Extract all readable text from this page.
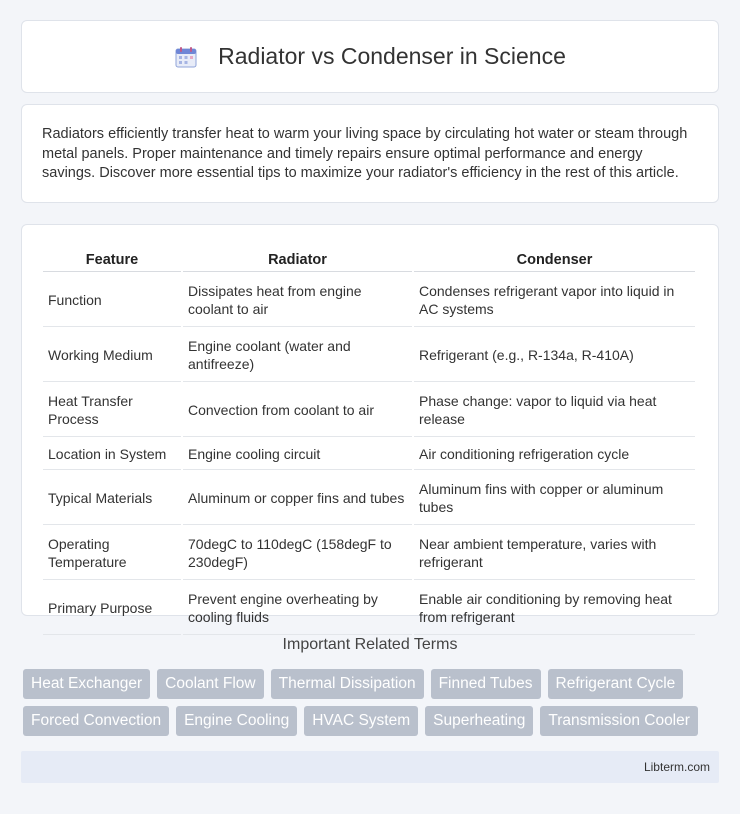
Radiator vs Condenser in Science

Radiators efficiently transfer heat to warm your living space by circulating hot water or steam through metal panels. Proper maintenance and timely repairs ensure optimal performance and energy savings. Discover more essential tips to maximize your radiator's efficiency in the rest of this article.

Feature	Radiator	Condenser
Function	Dissipates heat from engine coolant to air	Condenses refrigerant vapor into liquid in AC systems
Working Medium	Engine coolant (water and antifreeze)	Refrigerant (e.g., R-134a, R-410A)
Heat Transfer Process	Convection from coolant to air	Phase change: vapor to liquid via heat release
Location in System	Engine cooling circuit	Air conditioning refrigeration cycle
Typical Materials	Aluminum or copper fins and tubes	Aluminum fins with copper or aluminum tubes
Operating Temperature	70degC to 110degC (158degF to 230degF)	Near ambient temperature, varies with refrigerant
Primary Purpose	Prevent engine overheating by cooling fluids	Enable air conditioning by removing heat from refrigerant
Important Related Terms
Heat Exchanger	Coolant Flow	Thermal Dissipation	Finned Tubes	Refrigerant Cycle
Forced Convection	Engine Cooling	HVAC System	Superheating	Transmission Cooler
Libterm.com
